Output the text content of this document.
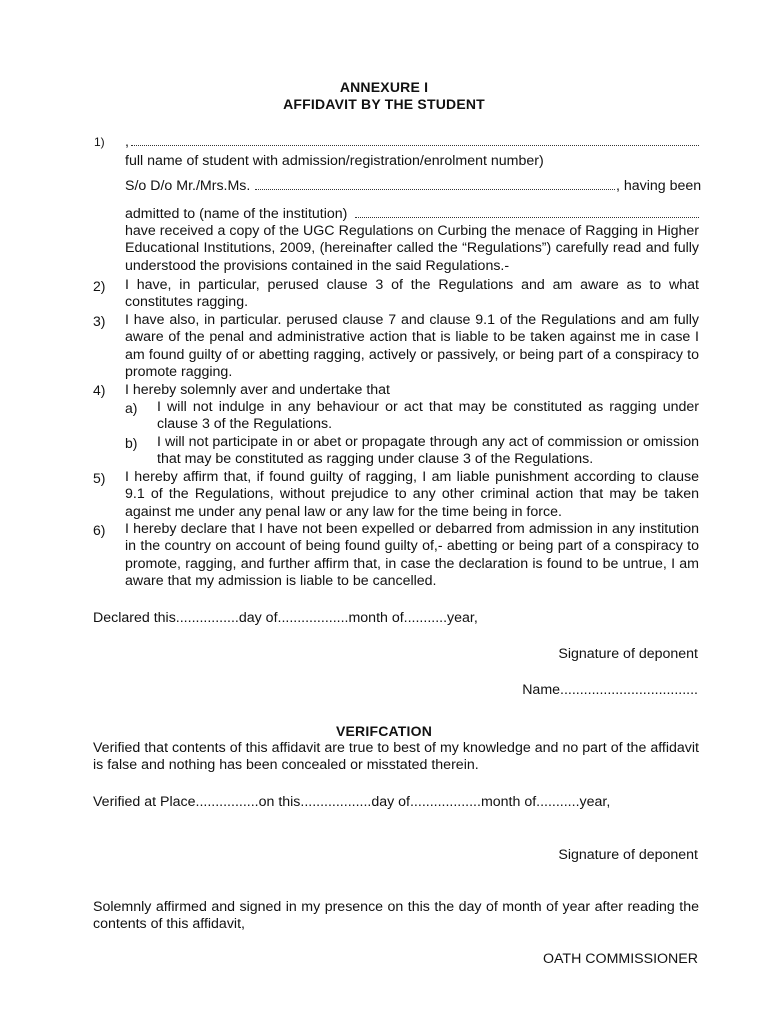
ANNEXURE I
AFFIDAVIT BY THE STUDENT
1) ,
full name of student with admission/registration/enrolment number)
S/o D/o Mr./Mrs.Ms.	, having been
admitted to (name of the institution)
have received a copy of the UGC Regulations on Curbing the menace of Ragging in Higher Educational Institutions, 2009, (hereinafter called the “Regulations”) carefully read and fully understood the provisions contained in the said Regulations.-
2) I have, in particular, perused clause 3 of the Regulations and am aware as to what constitutes ragging.
3) I have also, in particular. perused clause 7 and clause 9.1 of the Regulations and am fully aware of the penal and administrative action that is liable to be taken against me in case I am found guilty of or abetting ragging, actively or passively, or being part of a conspiracy to promote ragging.
4) I hereby solemnly aver and undertake that
a) I will not indulge in any behaviour or act that may be constituted as ragging under clause 3 of the Regulations.
b) I will not participate in or abet or propagate through any act of commission or omission that may be constituted as ragging under clause 3 of the Regulations.
5) I hereby affirm that, if found guilty of ragging, I am liable punishment according to clause 9.1 of the Regulations, without prejudice to any other criminal action that may be taken against me under any penal law or any law for the time being in force.
6) I hereby declare that I have not been expelled or debarred from admission in any institution in the country on account of being found guilty of,- abetting or being part of a conspiracy to promote, ragging, and further affirm that, in case the declaration is found to be untrue, I am aware that my admission is liable to be cancelled.
Declared this................day of..................month of...........year,
Signature of deponent
Name...................................
VERIFCATION
Verified that contents of this affidavit are true to best of my knowledge and no part of the affidavit is false and nothing has been concealed or misstated therein.
Verified at Place................on this..................day of..................month of...........year,
Signature of deponent
Solemnly affirmed and signed in my presence on this the day of month of year after reading the contents of this affidavit,
OATH COMMISSIONER
